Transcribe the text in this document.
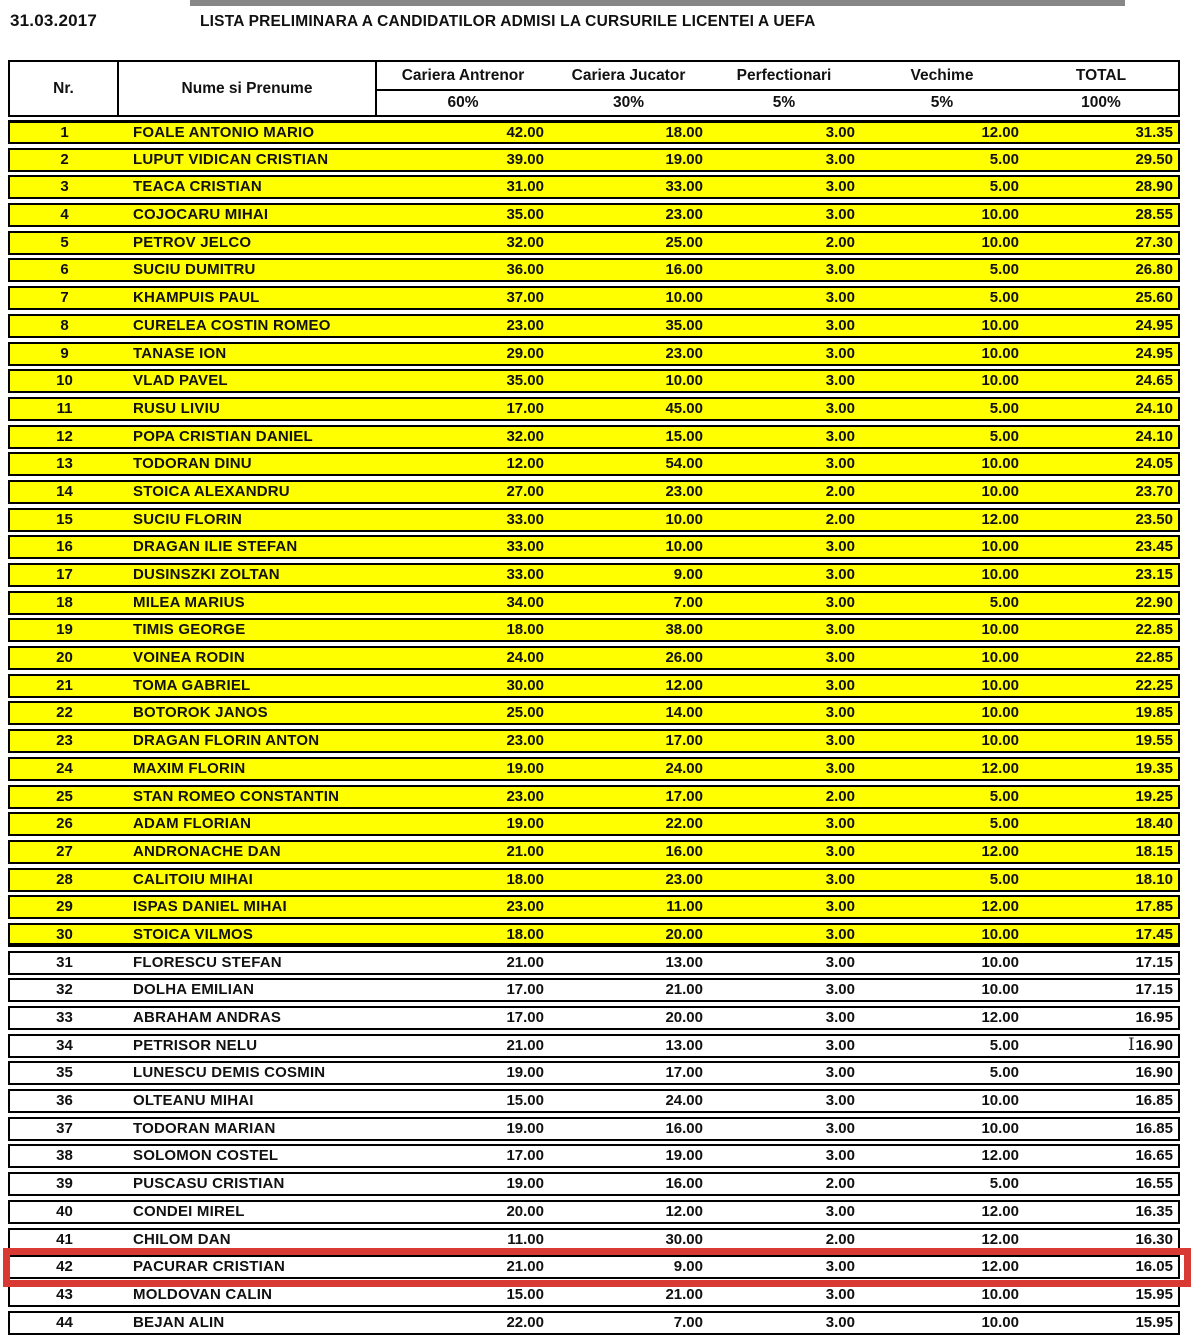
31.03.2017	LISTA PRELIMINARA A CANDIDATILOR ADMISI LA CURSURILE LICENTEI A UEFA
Nr.	Nume si Prenume
Cariera Antrenor	Cariera Jucator	Perfectionari	Vechime	TOTAL
60%	30%	5%	5%	100%
1	FOALE ANTONIO MARIO	42.00	18.00	3.00	12.00	31.35
2	LUPUT VIDICAN CRISTIAN	39.00	19.00	3.00	5.00	29.50
3	TEACA CRISTIAN	31.00	33.00	3.00	5.00	28.90
4	COJOCARU MIHAI	35.00	23.00	3.00	10.00	28.55
5	PETROV JELCO	32.00	25.00	2.00	10.00	27.30
6	SUCIU DUMITRU	36.00	16.00	3.00	5.00	26.80
7	KHAMPUIS PAUL	37.00	10.00	3.00	5.00	25.60
8	CURELEA COSTIN ROMEO	23.00	35.00	3.00	10.00	24.95
9	TANASE ION	29.00	23.00	3.00	10.00	24.95
10	VLAD PAVEL	35.00	10.00	3.00	10.00	24.65
11	RUSU LIVIU	17.00	45.00	3.00	5.00	24.10
12	POPA CRISTIAN DANIEL	32.00	15.00	3.00	5.00	24.10
13	TODORAN DINU	12.00	54.00	3.00	10.00	24.05
14	STOICA ALEXANDRU	27.00	23.00	2.00	10.00	23.70
15	SUCIU FLORIN	33.00	10.00	2.00	12.00	23.50
16	DRAGAN ILIE STEFAN	33.00	10.00	3.00	10.00	23.45
17	DUSINSZKI ZOLTAN	33.00	9.00	3.00	10.00	23.15
18	MILEA MARIUS	34.00	7.00	3.00	5.00	22.90
19	TIMIS GEORGE	18.00	38.00	3.00	10.00	22.85
20	VOINEA RODIN	24.00	26.00	3.00	10.00	22.85
21	TOMA GABRIEL	30.00	12.00	3.00	10.00	22.25
22	BOTOROK JANOS	25.00	14.00	3.00	10.00	19.85
23	DRAGAN FLORIN ANTON	23.00	17.00	3.00	10.00	19.55
24	MAXIM FLORIN	19.00	24.00	3.00	12.00	19.35
25	STAN ROMEO CONSTANTIN	23.00	17.00	2.00	5.00	19.25
26	ADAM FLORIAN	19.00	22.00	3.00	5.00	18.40
27	ANDRONACHE DAN	21.00	16.00	3.00	12.00	18.15
28	CALITOIU MIHAI	18.00	23.00	3.00	5.00	18.10
29	ISPAS DANIEL MIHAI	23.00	11.00	3.00	12.00	17.85
30	STOICA VILMOS	18.00	20.00	3.00	10.00	17.45
31	FLORESCU STEFAN	21.00	13.00	3.00	10.00	17.15
32	DOLHA EMILIAN	17.00	21.00	3.00	10.00	17.15
33	ABRAHAM ANDRAS	17.00	20.00	3.00	12.00	16.95
34	PETRISOR NELU	21.00	13.00	3.00	5.00	16.90
35	LUNESCU DEMIS COSMIN	19.00	17.00	3.00	5.00	16.90
36	OLTEANU MIHAI	15.00	24.00	3.00	10.00	16.85
37	TODORAN MARIAN	19.00	16.00	3.00	10.00	16.85
38	SOLOMON COSTEL	17.00	19.00	3.00	12.00	16.65
39	PUSCASU CRISTIAN	19.00	16.00	2.00	5.00	16.55
40	CONDEI MIREL	20.00	12.00	3.00	12.00	16.35
41	CHILOM DAN	11.00	30.00	2.00	12.00	16.30
42	PACURAR CRISTIAN	21.00	9.00	3.00	12.00	16.05
43	MOLDOVAN CALIN	15.00	21.00	3.00	10.00	15.95
44	BEJAN ALIN	22.00	7.00	3.00	10.00	15.95
I
